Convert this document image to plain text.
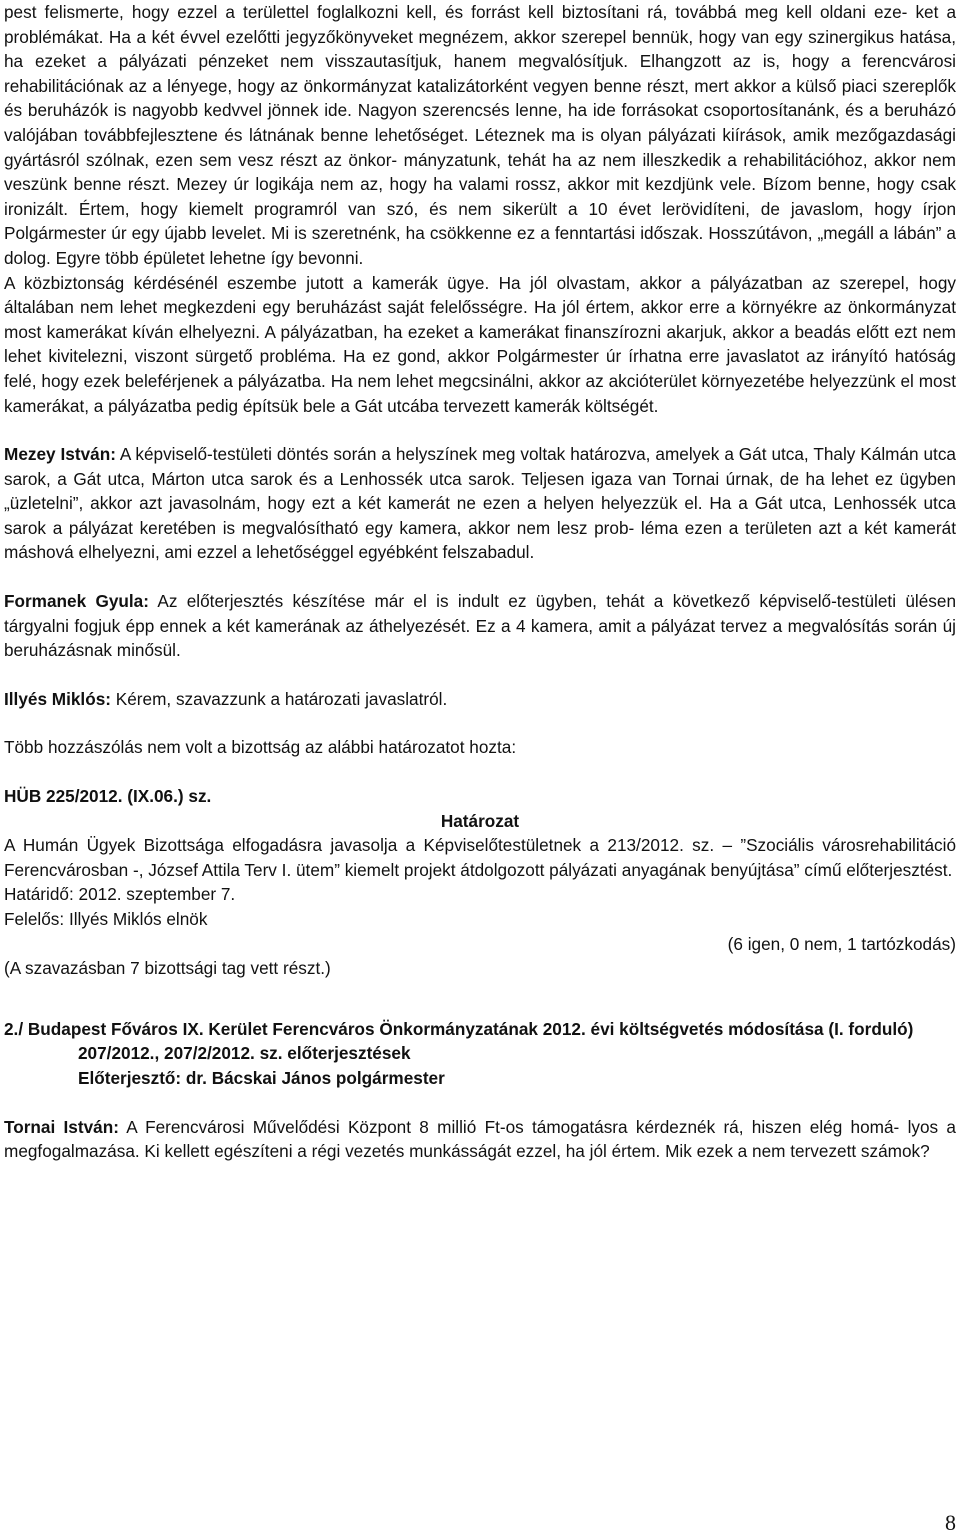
pest felismerte, hogy ezzel a területtel foglalkozni kell, és forrást kell biztosítani rá, továbbá meg kell oldani eze- ket a problémákat. Ha a két évvel ezelőtti jegyzőkönyveket megnézem, akkor szerepel bennük, hogy van egy szinergikus hatása, ha ezeket a pályázati pénzeket nem visszautasítjuk, hanem megvalósítjuk. Elhangzott az is, hogy a ferencvárosi rehabilitációnak az a lényege, hogy az önkormányzat katalizátorként vegyen benne részt, mert akkor a külső piaci szereplők és beruházók is nagyobb kedvvel jönnek ide. Nagyon szerencsés lenne, ha ide forrásokat csoportosítanánk, és a beruházó valójában továbbfejlesztene és látnának benne lehetőséget. Léteznek ma is olyan pályázati kiírások, amik mezőgazdasági gyártásról szólnak, ezen sem vesz részt az önkor- mányzatunk, tehát ha az nem illeszkedik a rehabilitációhoz, akkor nem veszünk benne részt. Mezey úr logikája nem az, hogy ha valami rossz, akkor mit kezdjünk vele. Bízom benne, hogy csak ironizált. Értem, hogy kiemelt programról van szó, és nem sikerült a 10 évet lerövidíteni, de javaslom, hogy írjon Polgármester úr egy újabb levelet. Mi is szeretnénk, ha csökkenne ez a fenntartási időszak. Hosszútávon, „megáll a lábán” a dolog. Egyre több épületet lehetne így bevonni.

A közbiztonság kérdésénél eszembe jutott a kamerák ügye. Ha jól olvastam, akkor a pályázatban az szerepel, hogy általában nem lehet megkezdeni egy beruházást saját felelősségre. Ha jól értem, akkor erre a környékre az önkormányzat most kamerákat kíván elhelyezni. A pályázatban, ha ezeket a kamerákat finanszírozni akarjuk, akkor a beadás előtt ezt nem lehet kivitelezni, viszont sürgető probléma. Ha ez gond, akkor Polgármester úr írhatna erre javaslatot az irányító hatóság felé, hogy ezek beleférjenek a pályázatba. Ha nem lehet megcsinálni, akkor az akcióterület környezetébe helyezzünk el most kamerákat, a pályázatba pedig építsük bele a Gát utcába tervezett kamerák költségét.

Mezey István: A képviselő-testületi döntés során a helyszínek meg voltak határozva, amelyek a Gát utca, Thaly Kálmán utca sarok, a Gát utca, Márton utca sarok és a Lenhossék utca sarok. Teljesen igaza van Tornai úrnak, de ha lehet ez ügyben „üzletelni”, akkor azt javasolnám, hogy ezt a két kamerát ne ezen a helyen helyezzük el. Ha a Gát utca, Lenhossék utca sarok a pályázat keretében is megvalósítható egy kamera, akkor nem lesz prob- léma ezen a területen azt a két kamerát máshová elhelyezni, ami ezzel a lehetőséggel egyébként felszabadul.

Formanek Gyula: Az előterjesztés készítése már el is indult ez ügyben, tehát a következő képviselő-testületi ülésen tárgyalni fogjuk épp ennek a két kamerának az áthelyezését. Ez a 4 kamera, amit a pályázat tervez a megvalósítás során új beruházásnak minősül.

Illyés Miklós: Kérem, szavazzunk a határozati javaslatról.

Több hozzászólás nem volt a bizottság az alábbi határozatot hozta:

HÜB 225/2012. (IX.06.) sz.

Határozat

A Humán Ügyek Bizottsága elfogadásra javasolja a Képviselőtestületnek a 213/2012. sz. – ”Szociális városrehabilitáció Ferencvárosban -, József Attila Terv I. ütem” kiemelt projekt átdolgozott pályázati anyagának benyújtása” című előterjesztést.

Határidő: 2012. szeptember 7.

Felelős: Illyés Miklós elnök

(6 igen, 0 nem, 1 tartózkodás)

(A szavazásban 7 bizottsági tag vett részt.)

2./ Budapest Főváros IX. Kerület Ferencváros Önkormányzatának 2012. évi költségvetés módosítása (I. forduló)

207/2012., 207/2/2012. sz. előterjesztések

Előterjesztő: dr. Bácskai János polgármester

Tornai István: A Ferencvárosi Művelődési Központ 8 millió Ft-os támogatásra kérdeznék rá, hiszen elég homá- lyos a megfogalmazása. Ki kellett egészíteni a régi vezetés munkásságát ezzel, ha jól értem. Mik ezek a nem tervezett számok?

8
